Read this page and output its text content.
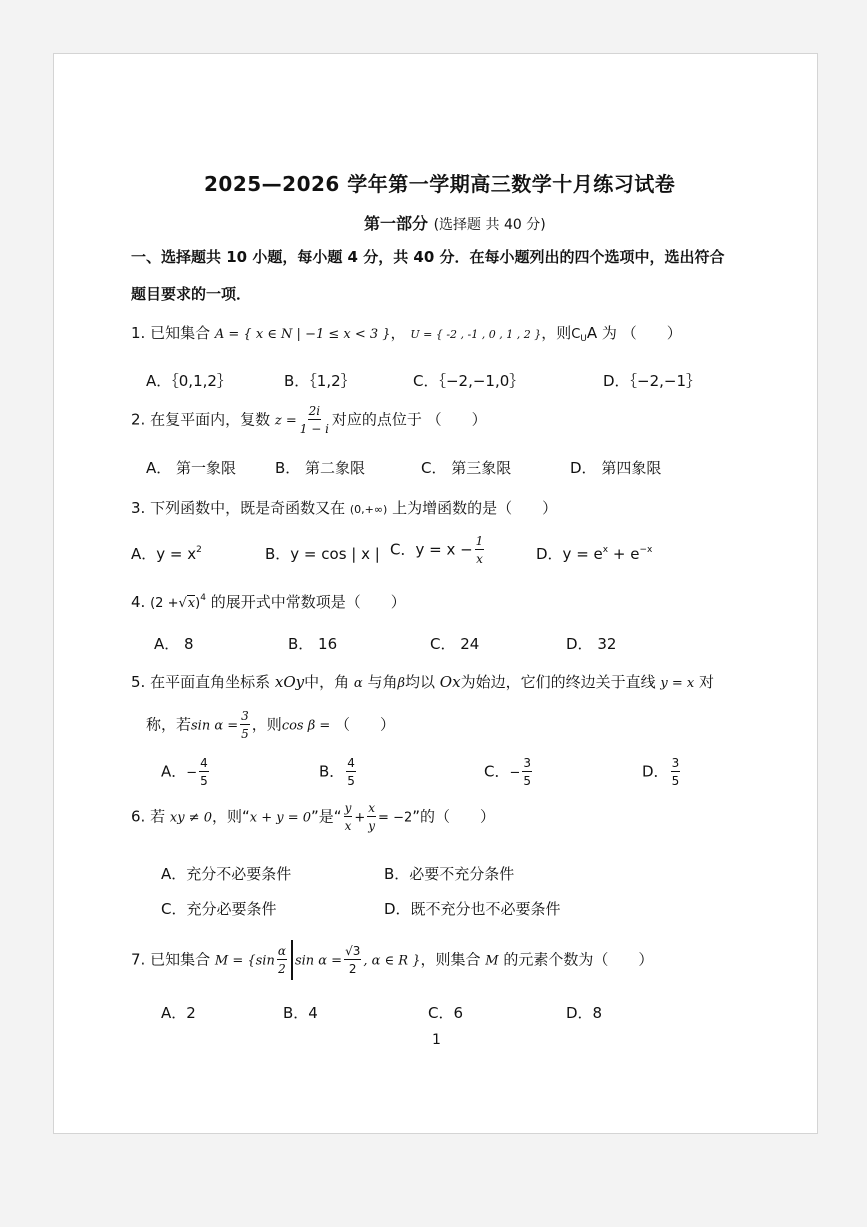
2025—2026 学年第一学期高三数学十月练习试卷
第一部分 (选择题 共 40 分)
一、选择题共 10 小题，每小题 4 分，共 40 分．在每小题列出的四个选项中，选出符合
题目要求的一项．
1. 已知集合 A = { x ∈ N | −1 ≤ x < 3 }， U = { -2 , -1 , 0 , 1 , 2 }，则$C_UA$ 为 （　　）
A．｛0,1,2｝	B．｛1,2｝	C．｛−2,−1,0｝	D．｛−2,−1｝
2. 在复平面内，复数 $z = \frac{2i}{1 - i}$ 对应的点位于 （　　）
A． 第一象限	B． 第二象限	C． 第三象限	D． 第四象限
3. 下列函数中，既是奇函数又在 (0,+∞) 上为增函数的是（　　）
A．$y = x^2$	B．y = cos | x | C．$y = x - \frac{1}{x}$	D．$y = e^x + e^{-x}$
4. $(2 +√x)^4$ 的展开式中常数项是（　　）
A． 8	B． 16	C． 24	D． 32
5. 在平面直角坐标系 xOy中，角 α 与角β均以 Ox为始边，它们的终边关于直线 y = x 对
称，若$\sin \alpha = \frac{3}{5}$ ，则cos β = （　　）
A．− $\frac{4}{5}$	B． $\frac{4}{5}$	C．− $\frac{3}{5}$	D． $\frac{3}{5}$
6. 若 xy ≠ 0，则“x + y = 0”是“ $\frac{y}{x} + \frac{x}{y} = -2$”的（　　）
A．充分不必要条件	B．必要不充分条件
C．充分必要条件	D．既不充分也不必要条件
7. 已知集合 $M = \{\sin \frac{\alpha}{2}$ $\sin \alpha = \frac{√3}{2}$ , α ∈ R }，则集合 M 的元素个数为（　　）
A．2	B．4	C．6	D．8
1
